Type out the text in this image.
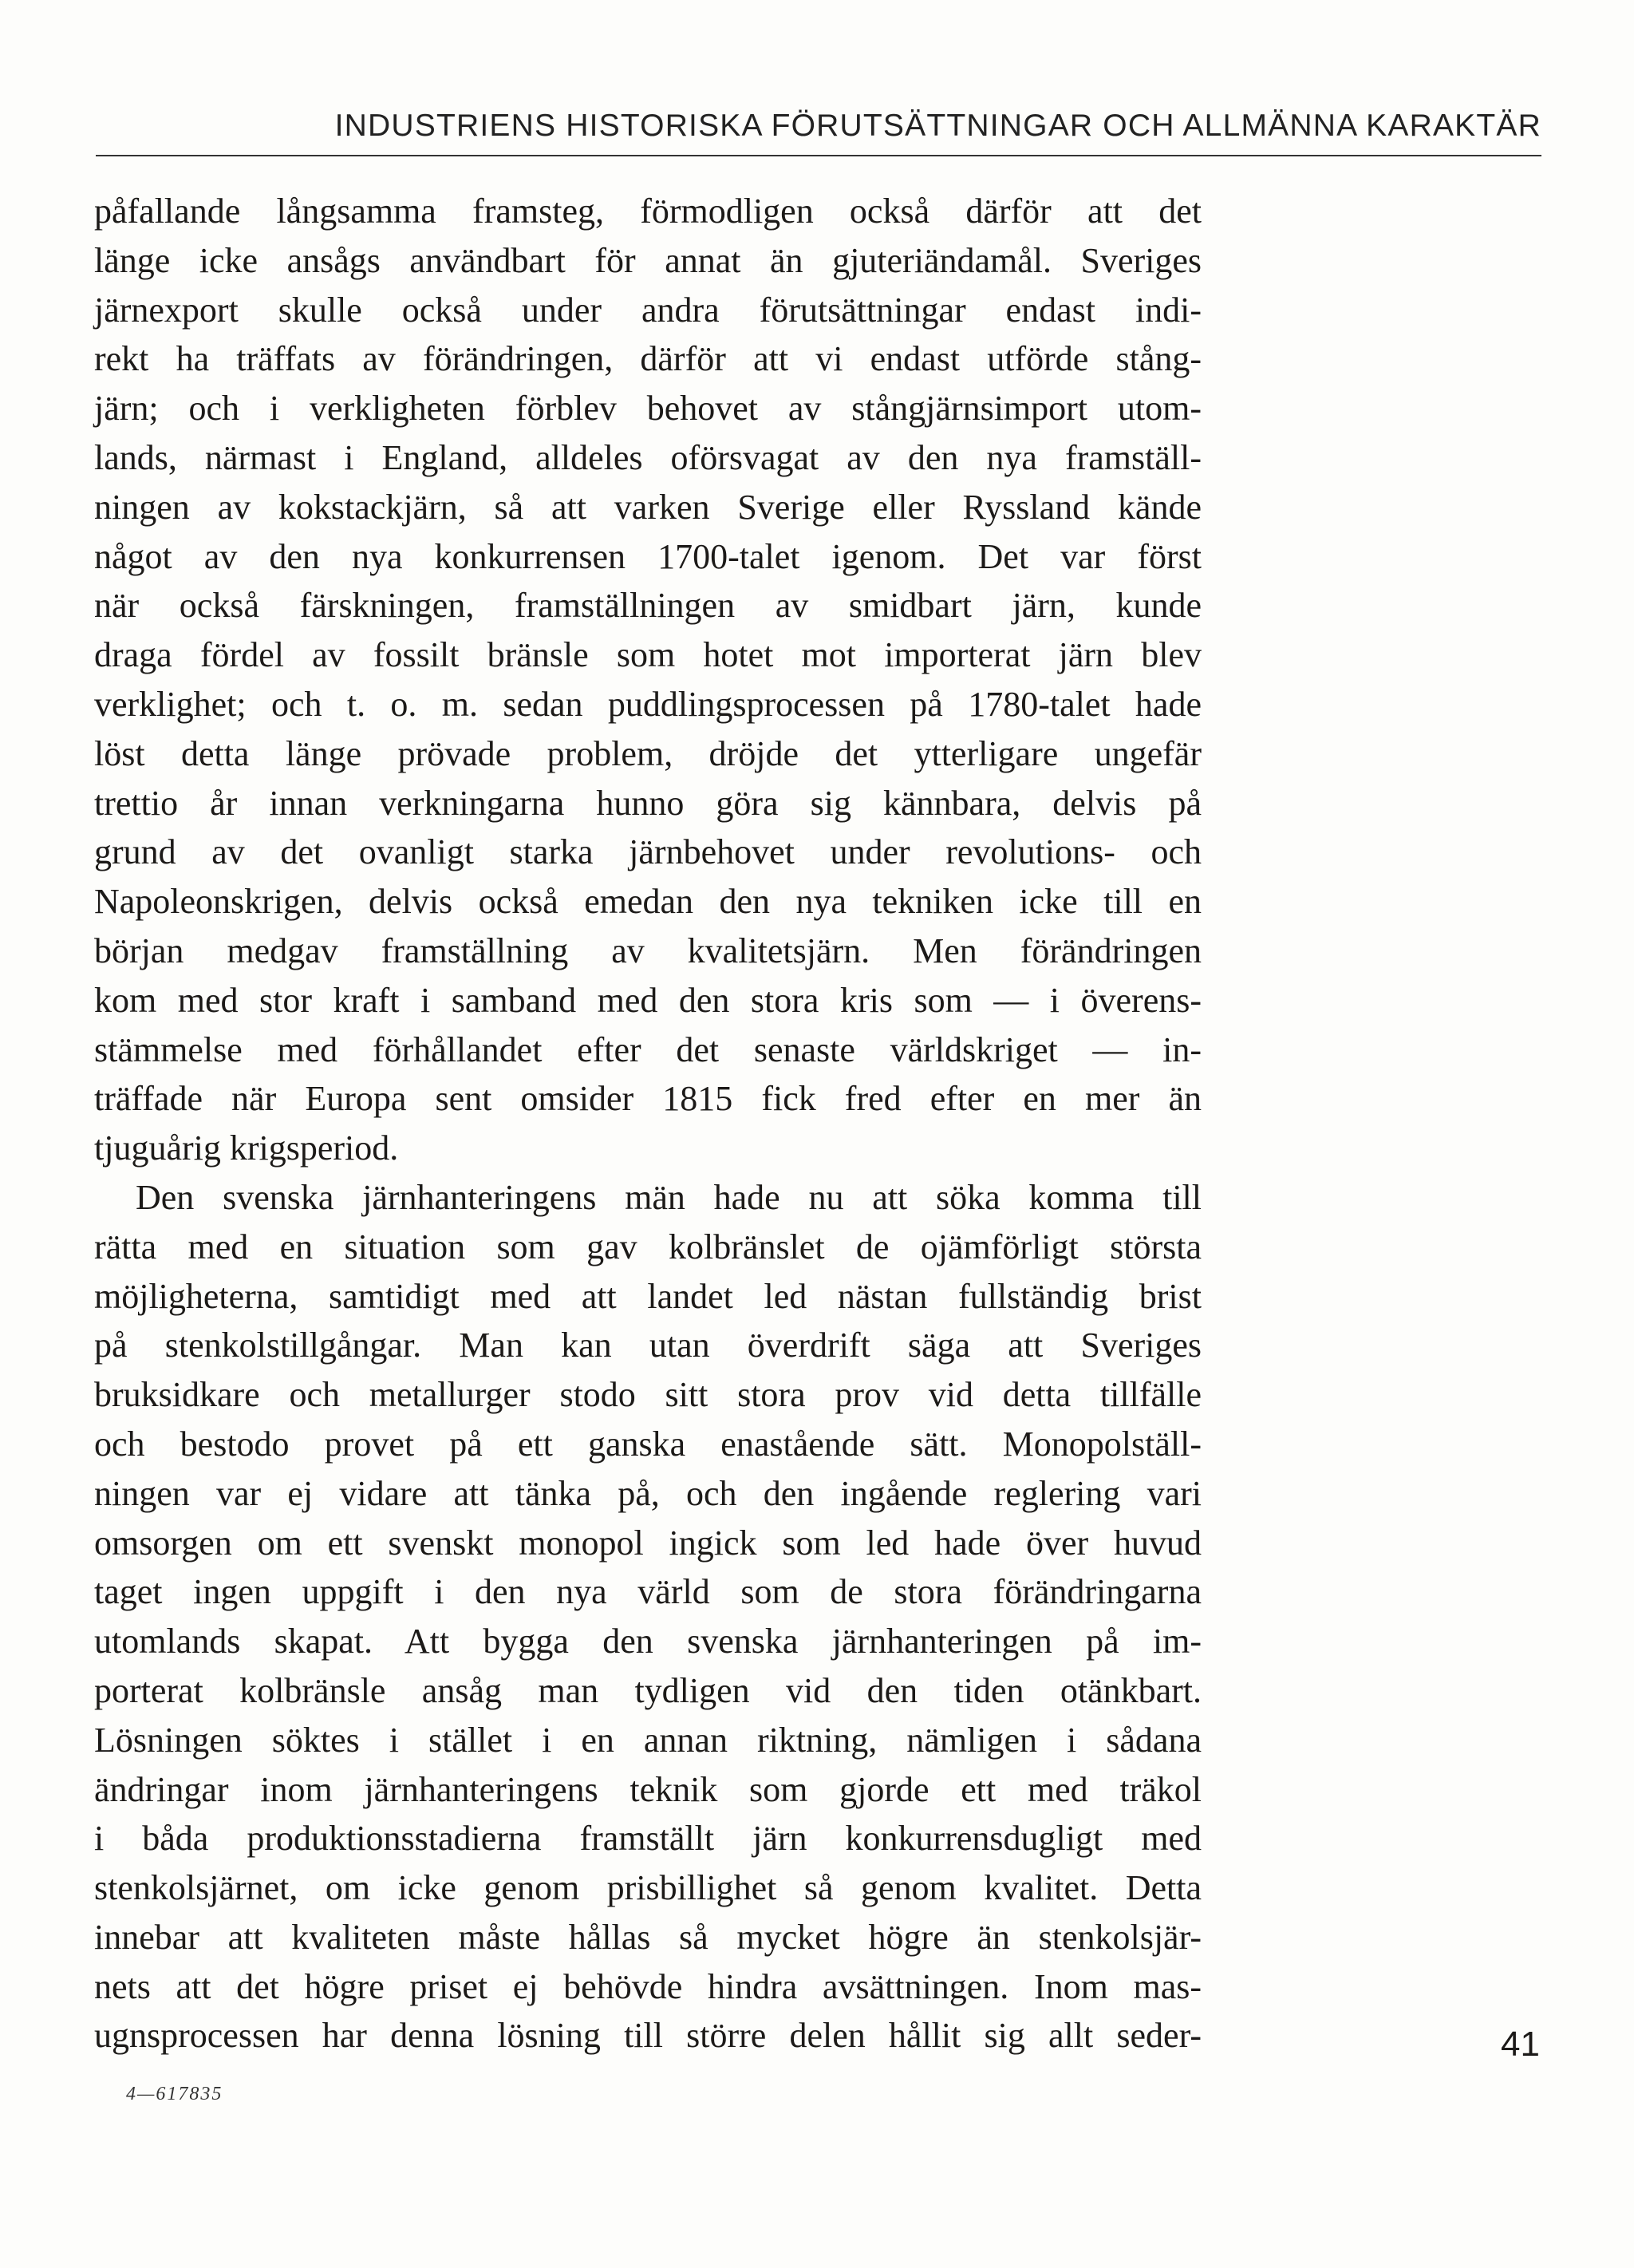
INDUSTRIENS HISTORISKA FÖRUTSÄTTNINGAR OCH ALLMÄNNA KARAKTÄR
påfallande långsamma framsteg, förmodligen också därför att det
länge icke ansågs användbart för annat än gjuteriändamål. Sveriges
järnexport skulle också under andra förutsättningar endast indi-
rekt ha träffats av förändringen, därför att vi endast utförde stång-
järn; och i verkligheten förblev behovet av stångjärnsimport utom-
lands, närmast i England, alldeles oförsvagat av den nya framställ-
ningen av kokstackjärn, så att varken Sverige eller Ryssland kände
något av den nya konkurrensen 1700-talet igenom. Det var först
när också färskningen, framställningen av smidbart järn, kunde
draga fördel av fossilt bränsle som hotet mot importerat järn blev
verklighet; och t. o. m. sedan puddlingsprocessen på 1780-talet hade
löst detta länge prövade problem, dröjde det ytterligare ungefär
trettio år innan verkningarna hunno göra sig kännbara, delvis på
grund av det ovanligt starka järnbehovet under revolutions- och
Napoleonskrigen, delvis också emedan den nya tekniken icke till en
början medgav framställning av kvalitetsjärn. Men förändringen
kom med stor kraft i samband med den stora kris som — i överens-
stämmelse med förhållandet efter det senaste världskriget — in-
träffade när Europa sent omsider 1815 fick fred efter en mer än
tjuguårig krigsperiod.
Den svenska järnhanteringens män hade nu att söka komma till
rätta med en situation som gav kolbränslet de ojämförligt största
möjligheterna, samtidigt med att landet led nästan fullständig brist
på stenkolstillgångar. Man kan utan överdrift säga att Sveriges
bruksidkare och metallurger stodo sitt stora prov vid detta tillfälle
och bestodo provet på ett ganska enastående sätt. Monopolställ-
ningen var ej vidare att tänka på, och den ingående reglering vari
omsorgen om ett svenskt monopol ingick som led hade över huvud
taget ingen uppgift i den nya värld som de stora förändringarna
utomlands skapat. Att bygga den svenska järnhanteringen på im-
porterat kolbränsle ansåg man tydligen vid den tiden otänkbart.
Lösningen söktes i stället i en annan riktning, nämligen i sådana
ändringar inom järnhanteringens teknik som gjorde ett med träkol
i båda produktionsstadierna framställt järn konkurrensdugligt med
stenkolsjärnet, om icke genom prisbillighet så genom kvalitet. Detta
innebar att kvaliteten måste hållas så mycket högre än stenkolsjär-
nets att det högre priset ej behövde hindra avsättningen. Inom mas-
ugnsprocessen har denna lösning till större delen hållit sig allt seder-	41
4—617835
